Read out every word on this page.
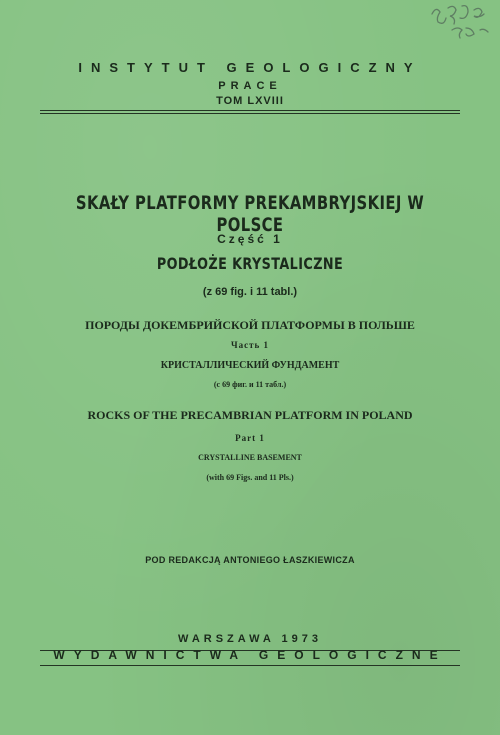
INSTYTUT GEOLOGICZNY
PRACE
TOM LXVIII
SKAŁY PLATFORMY PREKAMBRYJSKIEJ W POLSCE
Część 1
PODŁOŻE KRYSTALICZNE
(z 69 fig. i 11 tabl.)
ПОРОДЫ ДОКЕМБРИЙСКОЙ ПЛАТФОРМЫ В ПОЛЬШЕ
Часть 1
КРИСТАЛЛИЧЕСКИЙ ФУНДАМЕНТ
(с 69 фиг. и 11 табл.)
ROCKS OF THE PRECAMBRIAN PLATFORM IN POLAND
Part 1
CRYSTALLINE BASEMENT
(with 69 Figs. and 11 Pls.)
POD REDAKCJĄ ANTONIEGO ŁASZKIEWICZA
WARSZAWA 1973
WYDAWNICTWA GEOLOGICZNE
